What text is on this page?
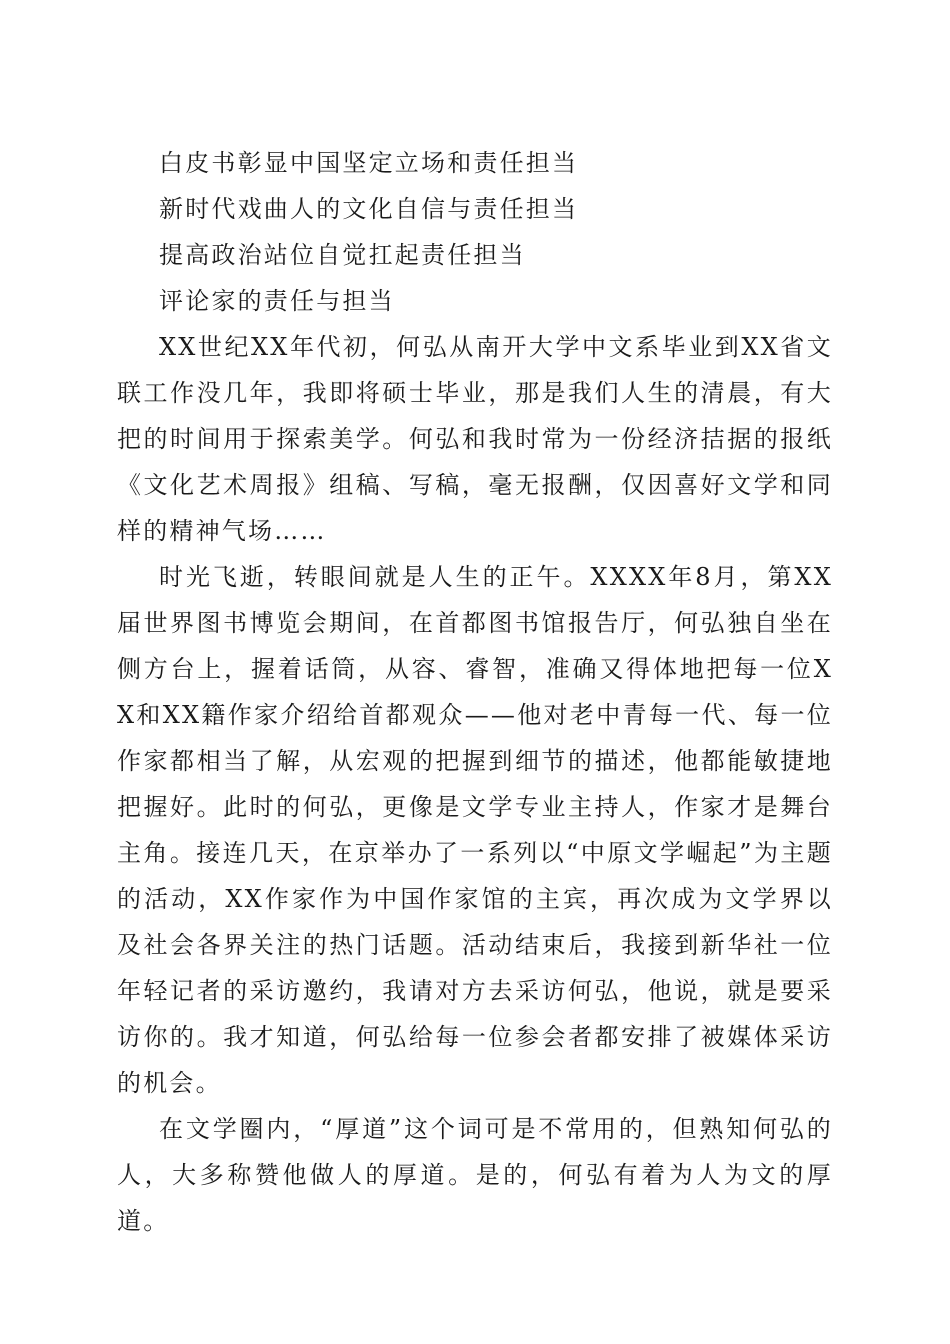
白皮书彰显中国坚定立场和责任担当

新时代戏曲人的文化自信与责任担当

提高政治站位自觉扛起责任担当

评论家的责任与担当

XX世纪XX年代初，何弘从南开大学中文系毕业到XX省文联工作没几年，我即将硕士毕业，那是我们人生的清晨，有大把的时间用于探索美学。何弘和我时常为一份经济拮据的报纸《文化艺术周报》组稿、写稿，毫无报酬，仅因喜好文学和同样的精神气场……

时光飞逝，转眼间就是人生的正午。XXXX年8月，第XX届世界图书博览会期间，在首都图书馆报告厅，何弘独自坐在侧方台上，握着话筒，从容、睿智，准确又得体地把每一位XX和XX籍作家介绍给首都观众——他对老中青每一代、每一位作家都相当了解，从宏观的把握到细节的描述，他都能敏捷地把握好。此时的何弘，更像是文学专业主持人，作家才是舞台主角。接连几天，在京举办了一系列以“中原文学崛起”为主题的活动，XX作家作为中国作家馆的主宾，再次成为文学界以及社会各界关注的热门话题。活动结束后，我接到新华社一位年轻记者的采访邀约，我请对方去采访何弘，他说，就是要采访你的。我才知道，何弘给每一位参会者都安排了被媒体采访的机会。

在文学圈内，“厚道”这个词可是不常用的，但熟知何弘的人，大多称赞他做人的厚道。是的，何弘有着为人为文的厚道。
